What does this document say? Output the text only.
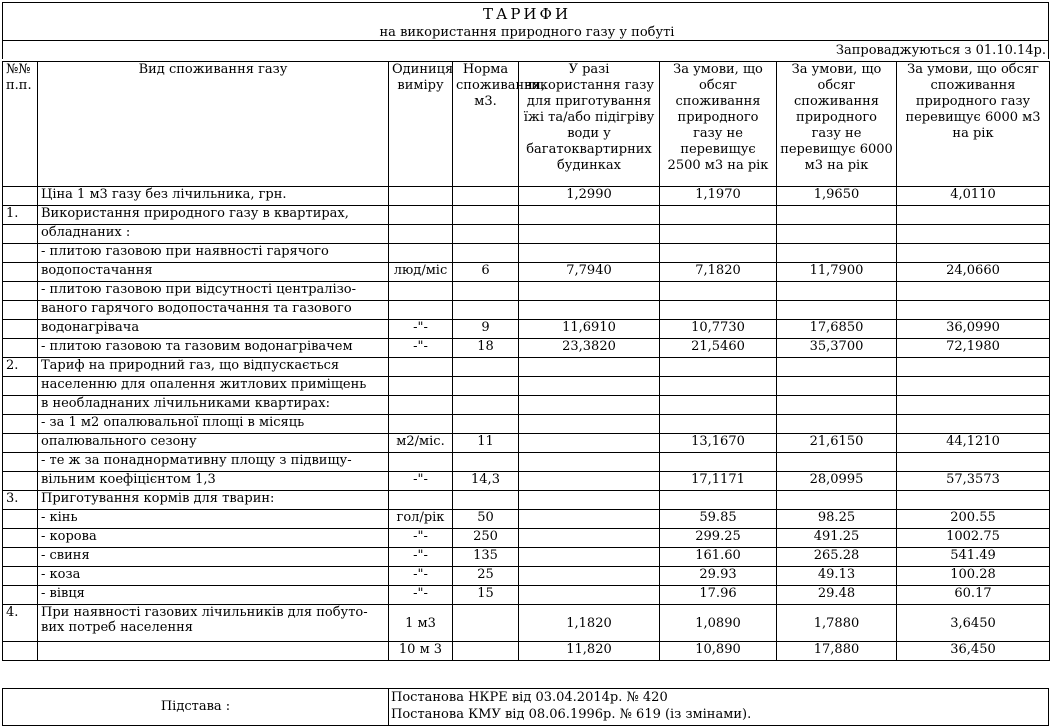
ТАРИФИ
на використання природного газу у побуті
Запроваджуються з 01.10.14р.
№№ п.п.	Вид споживання газу	Одиниця виміру	Норма споживання, м3.	У разі використання газу для приготування їжі та/або підігріву води у багатоквартирних будинках	За умови, що обсяг споживання природного газу не перевищує 2500 м3 на рік	За умови, що обсяг споживання природного газу не перевищує 6000 м3 на рік	За умови, що обсяг споживання природного газу перевищує 6000 м3 на рік
	Ціна 1 м3 газу без лічильника, грн.			1,2990	1,1970	1,9650	4,0110
1.	Використання природного газу в квартирах,						
	обладнаних :						
	- плитою газовою при наявності гарячого						
	водопостачання	люд/міс	6	7,7940	7,1820	11,7900	24,0660
	- плитою газовою при відсутності централізо-						
	ваного гарячого водопостачання та газового						
	водонагрівача	-"-	9	11,6910	10,7730	17,6850	36,0990
	- плитою газовою та газовим водонагрівачем	-"-	18	23,3820	21,5460	35,3700	72,1980
2.	Тариф на природний газ, що відпускається						
	населенню для опалення житлових приміщень						
	в необладнаних лічильниками квартирах:						
	- за 1 м2 опалювальної площі в місяць						
	опалювального сезону	м2/міс.	11		13,1670	21,6150	44,1210
	- те ж за понаднормативну площу з підвищу-						
	вільним коефіцієнтом 1,3	-"-	14,3		17,1171	28,0995	57,3573
3.	Приготування кормів для тварин:						
	- кінь	гол/рік	50		59.85	98.25	200.55
	- корова	-"-	250		299.25	491.25	1002.75
	- свиня	-"-	135		161.60	265.28	541.49
	- коза	-"-	25		29.93	49.13	100.28
	- вівця	-"-	15		17.96	29.48	60.17
4.	При наявності газових лічильників для побуто-вих потреб населення	1 м3		1,1820	1,0890	1,7880	3,6450
		10 м 3		11,820	10,890	17,880	36,450
Підстава :
Постанова НКРЕ від 03.04.2014р. № 420
Постанова КМУ від 08.06.1996р. № 619 (із змінами).
